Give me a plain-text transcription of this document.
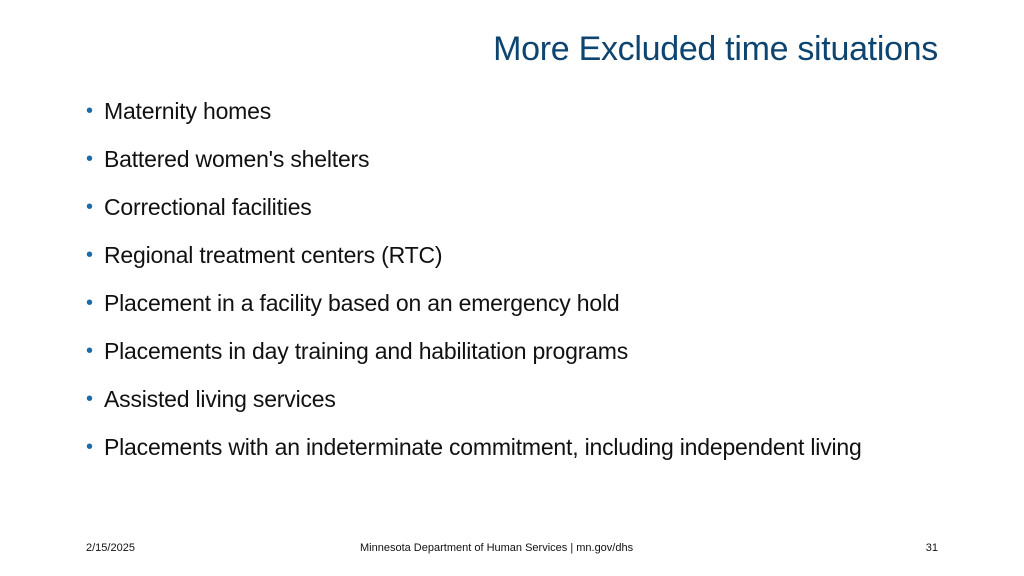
More Excluded time situations
• Maternity homes
• Battered women's shelters
• Correctional facilities
• Regional treatment centers (RTC)
• Placement in a facility based on an emergency hold
• Placements in day training and habilitation programs
• Assisted living services
• Placements with an indeterminate commitment, including independent living
2/15/2025	Minnesota Department of Human Services | mn.gov/dhs	31
